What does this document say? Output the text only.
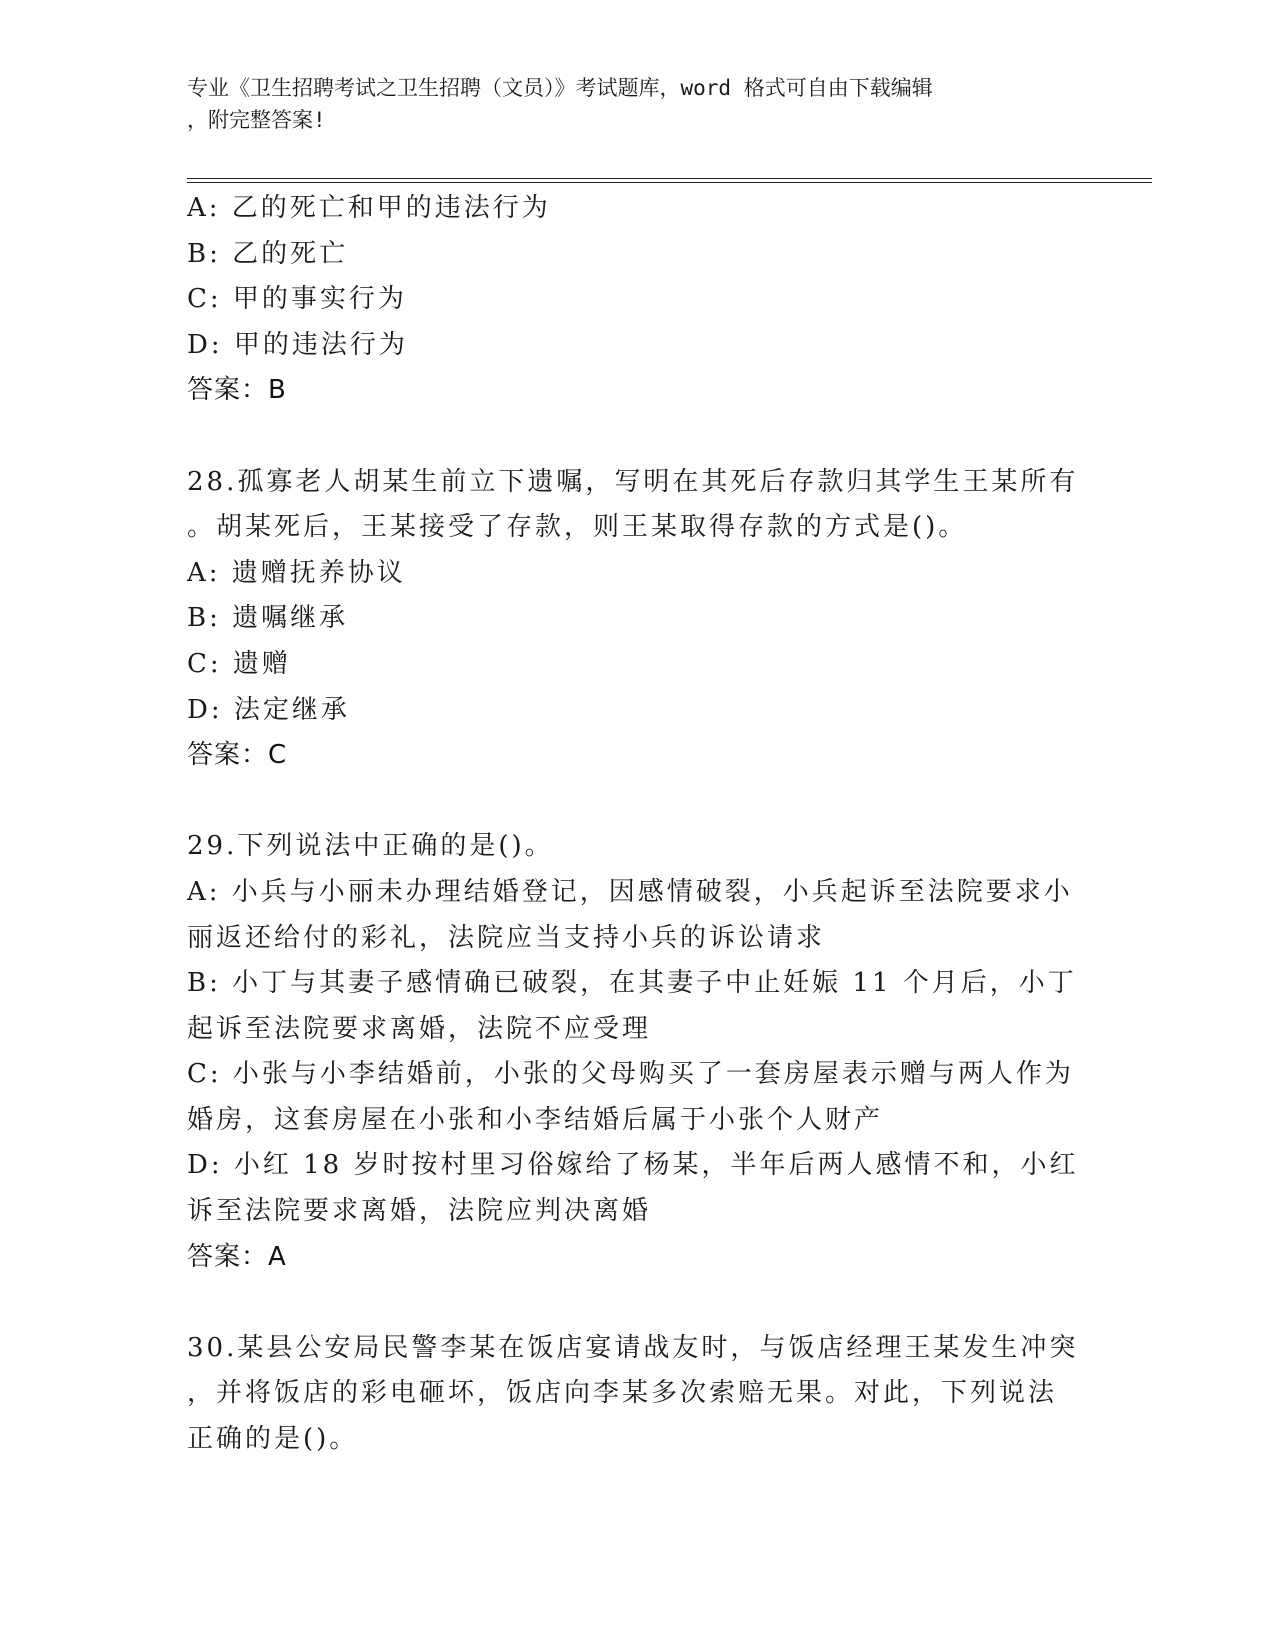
专业《卫生招聘考试之卫生招聘（文员）》考试题库，word 格式可自由下载编辑
，附完整答案!
A: 乙的死亡和甲的违法行为
B: 乙的死亡
C: 甲的事实行为
D: 甲的违法行为
答案：B
28.孤寡老人胡某生前立下遗嘱，写明在其死后存款归其学生王某所有
。胡某死后，王某接受了存款，则王某取得存款的方式是()。
A: 遗赠抚养协议
B: 遗嘱继承
C: 遗赠
D: 法定继承
答案：C
29.下列说法中正确的是()。
A: 小兵与小丽未办理结婚登记，因感情破裂，小兵起诉至法院要求小
丽返还给付的彩礼，法院应当支持小兵的诉讼请求
B: 小丁与其妻子感情确已破裂，在其妻子中止妊娠 11 个月后，小丁
起诉至法院要求离婚，法院不应受理
C: 小张与小李结婚前，小张的父母购买了一套房屋表示赠与两人作为
婚房，这套房屋在小张和小李结婚后属于小张个人财产
D: 小红 18 岁时按村里习俗嫁给了杨某，半年后两人感情不和，小红
诉至法院要求离婚，法院应判决离婚
答案：A
30.某县公安局民警李某在饭店宴请战友时，与饭店经理王某发生冲突
，并将饭店的彩电砸坏，饭店向李某多次索赔无果。对此，下列说法
正确的是()。
